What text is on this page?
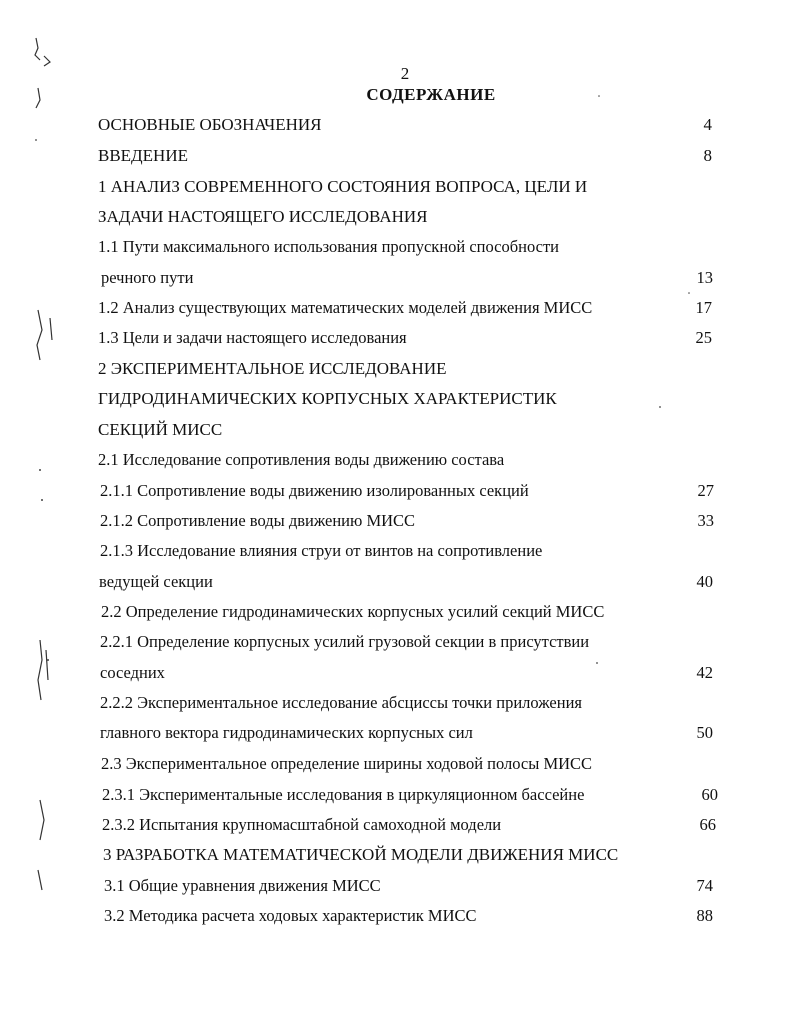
2
СОДЕРЖАНИЕ
ОСНОВНЫЕ ОБОЗНАЧЕНИЯ	4
ВВЕДЕНИЕ	8
1 АНАЛИЗ СОВРЕМЕННОГО СОСТОЯНИЯ ВОПРОСА, ЦЕЛИ И
ЗАДАЧИ НАСТОЯЩЕГО ИССЛЕДОВАНИЯ
1.1 Пути максимального использования пропускной способности
речного пути	13
1.2 Анализ существующих математических моделей движения МИСС	17
1.3 Цели и задачи настоящего исследования	25
2 ЭКСПЕРИМЕНТАЛЬНОЕ ИССЛЕДОВАНИЕ
ГИДРОДИНАМИЧЕСКИХ КОРПУСНЫХ ХАРАКТЕРИСТИК
СЕКЦИЙ МИСС
2.1 Исследование сопротивления воды движению состава
2.1.1 Сопротивление воды движению изолированных секций	27
2.1.2 Сопротивление воды движению МИСС	33
2.1.3 Исследование влияния струи от винтов на сопротивление
ведущей секции	40
2.2 Определение гидродинамических корпусных усилий секций МИСС
2.2.1 Определение корпусных усилий грузовой секции в присутствии
соседних	42
2.2.2 Экспериментальное исследование абсциссы точки приложения
главного вектора гидродинамических корпусных сил	50
2.3 Экспериментальное определение ширины ходовой полосы МИСС
2.3.1 Экспериментальные исследования в циркуляционном бассейне	60
2.3.2 Испытания крупномасштабной самоходной модели	66
3 РАЗРАБОТКА МАТЕМАТИЧЕСКОЙ МОДЕЛИ ДВИЖЕНИЯ МИСС
3.1 Общие уравнения движения МИСС	74
3.2 Методика расчета ходовых характеристик МИСС	88
